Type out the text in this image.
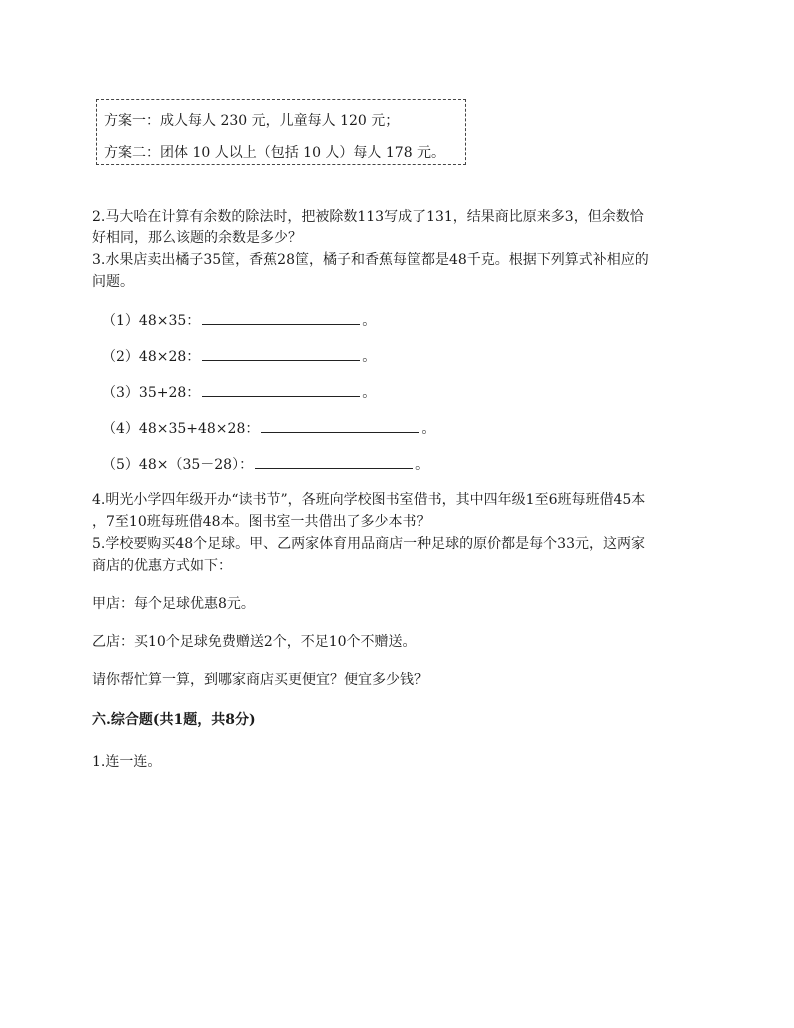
方案一：成人每人 230 元，儿童每人 120 元；
方案二：团体 10 人以上（包括 10 人）每人 178 元。
2.马大哈在计算有余数的除法时，把被除数113写成了131，结果商比原来多3，但余数恰
好相同，那么该题的余数是多少？
3.水果店卖出橘子35筐，香蕉28筐，橘子和香蕉每筐都是48千克。根据下列算式补相应的
问题。
（1）48×35：	。
（2）48×28：	。
（3）35+28：	。
（4）48×35+48×28：	。
（5）48×（35－28）：	。
4.明光小学四年级开办“读书节”，各班向学校图书室借书，其中四年级1至6班每班借45本
，7至10班每班借48本。图书室一共借出了多少本书？
5.学校要购买48个足球。甲、乙两家体育用品商店一种足球的原价都是每个33元，这两家
商店的优惠方式如下：
甲店：每个足球优惠8元。
乙店：买10个足球免费赠送2个，不足10个不赠送。
请你帮忙算一算，到哪家商店买更便宜？便宜多少钱？
六.综合题(共1题，共8分)
1.连一连。
